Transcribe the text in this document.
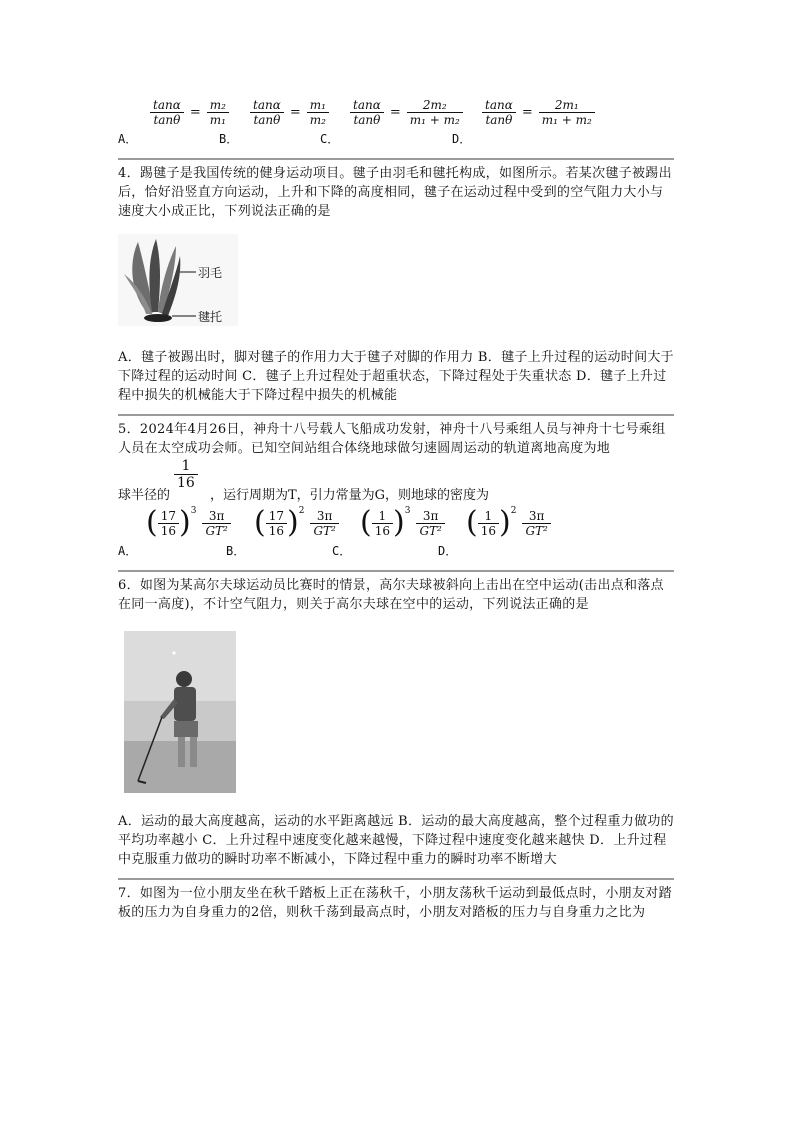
A．
$\frac{\tan\alpha}{\tan\theta} = \frac{\text{m₂}}{\text{m₁}}$
B．
$\frac{\tan\alpha}{\tan\theta} = \frac{\text{m₁}}{\text{m₂}}$
C．
$\frac{\tan\alpha}{\tan\theta} = \frac{\text{2m₂}}{\text{m₁ + m₂}}$
D．
$\frac{\tan\alpha}{\tan\theta} = \frac{\text{2m₁}}{\text{m₁ + m₂}}$
4．踢毽子是我国传统的健身运动项目。毽子由羽毛和毽托构成，如图所示。若某次毽子被踢出后，恰好沿竖直方向运动，上升和下降的高度相同，毽子在运动过程中受到的空气阻力大小与速度大小成正比，下列说法正确的是
羽毛
毽托
A．毽子被踢出时，脚对毽子的作用力大于毽子对脚的作用力 B．毽子上升过程的运动时间大于下降过程的运动时间 C．毽子上升过程处于超重状态，下降过程处于失重状态 D．毽子上升过程中损失的机械能大于下降过程中损失的机械能
5．2024年4月26日，神舟十八号载人飞船成功发射，神舟十八号乘组人员与神舟十七号乘组人员在太空成功会师。已知空间站组合体绕地球做匀速圆周运动的轨道离地高度为地
球半径的
1
16
，运行周期为T，引力常量为G，则地球的密度为
A．
( $\frac{17}{16}$ ) $3 \frac{3\pi}{\text{GT²}}$
B．
( $\frac{17}{16}$ ) $2 \frac{3\pi}{\text{GT²}}$
C．
( $\frac{1}{16}$ ) $3 \frac{3\pi}{\text{GT²}}$
D．
( $\frac{1}{16}$ ) $2 \frac{3\pi}{\text{GT²}}$
6．如图为某高尔夫球运动员比赛时的情景，高尔夫球被斜向上击出在空中运动(击出点和落点在同一高度)，不计空气阻力，则关于高尔夫球在空中的运动，下列说法正确的是
A．运动的最大高度越高，运动的水平距离越远 B．运动的最大高度越高，整个过程重力做功的平均功率越小 C．上升过程中速度变化越来越慢，下降过程中速度变化越来越快 D．上升过程中克服重力做功的瞬时功率不断减小，下降过程中重力的瞬时功率不断增大
7．如图为一位小朋友坐在秋千踏板上正在荡秋千，小朋友荡秋千运动到最低点时，小朋友对踏板的压力为自身重力的2倍，则秋千荡到最高点时，小朋友对踏板的压力与自身重力之比为
